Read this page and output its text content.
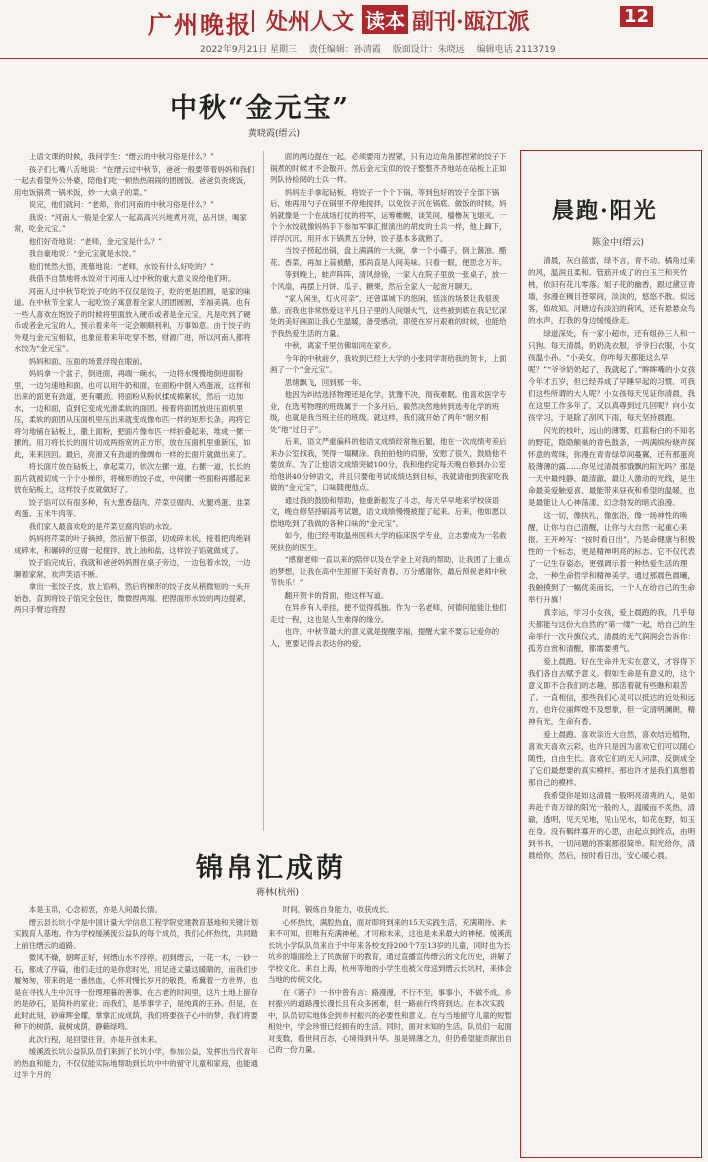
广州晚报 处州人文 读本 副刊·瓯江派	12
2022年9月21日 星期三 责任编辑：孙清霞 版面设计：朱晓远 编辑电话 2113719
中秋“金元宝”
黄晓霞(缙云)

上语文课的时候，我问学生：“缙云的中秋习俗是什么？”

孩子们七嘴八舌地说：“在缙云过中秋节，爸爸一般要带着妈妈和我们一起去看望外公外婆，陪他们吃一顿热热闹闹的团圆饭。爸爸负责烧饭，用电饭锅煮一锅米饭，炒一大桌子的菜。”

说完，他们就问：“老师，你们河南的中秋习俗是什么？”

我说：“河南人一般是全家人一起高高兴兴地煮月亮，品月饼，喝家常，吃金元宝。”

他们好奇地说：“老师，金元宝是什么？”

我自豪地说：“金元宝就是水饺。”

他们恍然大悟，羡慕地说：“老师，水饺有什么好吃的？”

我借不自禁地将水饺对于河南人过中秋的重大意义说给他们听。

河南人过中秋节吃饺子吃的不仅仅是饺子，吃的更是团圆，是家的味道。在中秋节全家人一起吃饺子寓意着全家人团团圆圆，幸福美满。也有一些人喜欢在饱饺子的时候将里面放入硬币或者是金元宝，凡是吃到了硬币或者金元宝的人，预示着来年一定会顺顺利利，万事如意。由于饺子的外观与金元宝相似，也象征着来年吃穿不愁，财源广进，所以河南人都将水饺为“金元宝”。

妈妈和面、压面的场景浮现在眼前。

妈妈拿一个盆子，倒进面，再端一碗水，一边将水慢慢地倒进面粉里，一边匀速地和面。也可以用牛奶和面，在面粉中倒入鸡蛋液，这样和出来的面更有劲道，更有嚼劲。将面粉从粉状揉成棉絮状，然后一边加水，一边和面，直到它变成光滑柔软的面团。接着将面团放进压面机里压，柔软的面团从压面机里压出来就变成像布匹一样的矩形长条，再将它将匀地铺在砧板上，撒上面粉，把面片像布匹一样折叠起来，堆成一摞一摞的。用刀将长长的面片切成两指宽的正方形，放在压面机里重新压，如此，来来回回。最后，亮滑又有劲道的像绸布一样的长面片就做出来了。

将长面片放在砧板上，拿起菜刀，依次左摞一道，右摞一道，长长的面片就被切成一个个小梯形，将梯形的饺子皮，中间摞一些面粉再撂起来放在砧板上，这样饺子皮就做好了。

饺子馅可以有很多种，有大葱香菇肉、芹菜豆腐肉、火腿鸡蛋、韭菜鸡蛋、玉米牛肉等。

我们家人最喜欢吃的是芹菜豆腐肉馅的水饺。

妈妈将芹菜的叶子摘掉，然后留下根部，切成碎末状，接着把肉绝剁成碎末，和碾碎的豆腐一起搅拌，放上油和盐，这样饺子馅就做成了。

饺子馅完成后，我就和爸爸妈妈围在桌子旁边，一边包着水饺，一边聊着家常，欢声笑语不断。

拿出一张饺子皮，放上馅料，然后将梯形的饺子皮从稍微短的一头开始卷，直到将饺子馅完全包住，微微捏两端。把捏面形水饺的两边提紧，两只手臂边将捏

面的两边提在一起，必须要用力捏紧，只有边边角角都捏紧的饺子下锅煮的时候才不会散开。然后金元宝似的饺子整整齐齐地站在砧板上正如列队待检阅的士兵一样。

妈妈左手拿起砧板，将饺子一个个下锅，等到包好的饺子全部下锅后，她再用勺子在锅里不停地搅拌，以免饺子沉在锅底。做饭的时候，妈妈就像是一个在战场打仗的将军，运筹帷幄，谈笑间，樯橹灰飞烟灭。一个个水饺就像妈妈手下参加军事汇报演出的胡皮的士兵一样，他上蹿下，浮浮沉沉。用开水下锅煮五分钟，饺子基本多就熟了。

当饺子捞起出锅，盘上满满的一大碗，拿一个小碟子，倒上酱油、醋花、香菜，再加上蒜被醋，那尚直是人间美味。只看一眼，便思念万年。

等到晚上，蛙声阵阵，清风徐徐，一家人在院子里放一张桌子，放一个风扇，再摆上月饼、瓜子、糖果，然后全家人一起赏月聊天。

“家人闲坐，灯火可亲”，还曾谋城下的悠闲、恬淡的场景让我很羡慕。而我也非常热爱这平凡日子里的人间烟火气，这些被到底在我记忆深处的美好画面让我心生温暖，备受感动，即使在岁月艰难的时候，也能给予我热爱生活的力量。

中秋，离家千里仿佛如同在家乡。

今年的中秋前夕，我收到已经上大学的小张同学寄给我的贺卡，上面画了一个“金元宝”。

思绪飘飞，回到那一年。

他因为纠结选择物理还是化学，犹豫不决，彻夜难眠。他喜欢医学专业，在选考物理的班级属于一个多月后，毅然决然地转到选考化学的班级，也就是我当班主任的班级。就这样，我们就开始了两年“朝夕相处”地“过日子”。

后来，语文严重偏科的他语文成绩经常拖后腿，他在一次成绩考差后来办公室找我，哭得一塌糊涂。我拍拍他的肩膀，安慰了很久，鼓励他不要放弃。为了让他语文成绩突破100分，我和他约定每天晚自修到办公室给他讲40分钟语文，并且只要他考试成绩达到目标，我就请他到我家吃我做的“金元宝”，口味随便他点。

通过我的鼓励和帮助，他重新振发了斗志，每天早早地来学校读语文，晚自修坚持刷高考试题，语文成绩慢慢被提了起来。后来，他如愿以偿地吃到了我做的各种口味的“金元宝”。

如今，他已经考取温州医科大学的临床医学专业，立志要成为一名救死扶伤的医生。

“感谢老师一直以来的陪伴以及在学业上对我的帮助，让我团了上重点的梦想，让我在高中生涯留下美好青春。万分感谢你，最后预祝老师中秋节快乐！”

翻开贺卡的背面，他这样写道。

在异乡有人牵挂，便不觉得孤独。作为一名老师，何德何能能让他们走过一程，这也是人生难得的缘分。

也许，中秋节最大的意义就是提醒幸福，提醒大家不要忘记爱你的人，更要记得去表达你的爱。

锦帛汇成荫
蒋林(杭州)

本是玉帛，心念初衷，亦是人间最长情。

缙云县长坑小学是中国计量大学信息工程学院党建教育基地和关键计划实践育人基地。作为学校缓溪流公益队的每个成员，我们心怀热忱，共同踏上前往缙云的道路。

微风不燥，朝晖正好，何缙山水不浮停。初到缙云，一花一木，一砂一石，都成了序篇，他们走过的是你您时光，用足迹丈量这暖睛的，而我们步履匆匆，带来的是一番热血，心怀对慢长岁月的敬畏，希冀着一方世界，也是在寻找人生中沉寻一份理理暮的善事。在古老的时间里，这片土地上留存的是砂石，是简朴的家业；而我们，是举事学子，是纯真的王孙。但是，在此时此刻，砂麻辉金耀，掌掌汇成成荫，我们将要孩子心中的梦，我们将要种下的树荫，裁树成荫，静籁绿鸣。

此次行程，是回望往昔，亦是开创未来。

缓溪流长坑公益队队员们来到了长坑小学，参加公益，发挥出当代青年的热血和能力，不仅仅能实际地帮助到长坑中中的留守儿童和家庭，也能通过半个月的

时间，锻炼自身能力，收获成长。

心怀热忱，满腔热血，面对即将到来的15天实践生活，充满期待。未来不可知，但唯有充满神秘，才可称未来，这也是未来最大的神秘。缓溪流长坑小学队队员来自于中年来各校支持200个7至13岁的儿童，同时也为长坑乡的墙面绘上了民族留下的教育，通过直播宣传缙云的文化历史，讲解了学校文化。来自上海，杭州等地的小学生也被父母送到缙云长坑村，来体会当地的传统文化。

在《箸子》一书中曾有言：路漫漫，不行不至，事事小，不做不成。乡村振兴的道路漫长漫长且有众多困难，但一路前行终将到达。在本次实践中，队员切实地体会到乡村振兴的必要性和意义。在与当地留守儿童的短暂相处中，学会珍惜已经拥有的生活。同时，面对未知的生活，队员们一起面对变数，看世间百态，心境得到升华。虽是锦薄之力，但仍希望能贡献出自己的一份力量。

晨跑·阳光
陈金中(缙云)

清晨，灰白蓝雷，绿不言，青不动。橘角过来的风，温润且柔和。管筋开成了的白玉兰和夹竹桃，依旧有花儿零落。姐子花的幽香，跟过黛豆青墙，弥漫在稠目苍翠间，淡淡的，悠悠不散。似远客，如故知。河塘边有淡泊的荷风，还有悬悬众鸟的水声，打我的身边缓缓徐走。

绿道深处，有一家小超市，还有组孙三人和一只狗。每天清晨，奶奶洗衣服，爷爷扫衣服，小女孩温小孙。“小美女，你咋每天都能这么早呢？”“爷爷奶奶起了，我就起了。”眸眸嘴的小女孩今年才五岁，但已经养成了早睡早起的习惯。可我们这些所谓的大人呢？小女孩每天见证你清晨，我在这里工作多年了，又以真尊到过几回呢？向小女孩学习，于是除了刮风下雨，每天坚持晨跑。

闪光的枝叶，远山的薄雾，红蓝粉白的不知名的野花，隐隐额巢的青色鼓条，一两满缤纷晓声探怀意的莺珠，弥漫在青青绿草间蔓翼，还有那蛋亮般薄薄的露……你见过清晨那饿飘的阳光吗？那是一天中最纯静、最清澈、最让人激动的光线，是生命最美爱触爱喜、最能带来昼夜和希望的温暖，也是最能让人心神荡漾、幻念勃发的暗式浪漫。

这一切，像执礼，像旅浴，像一场神性的唤醒，让你与自己清醒，让你与大自然一起重心来报。王开岭写：“按时看日出”，乃是命健康与积极性的一个标志，更是精神明亮的标志。它不仅代表了一记生存姿态，更强调示着一种热爱生活的理念，一种生命哲学和精神美学。通过那晨色晨曦，我触摸到了一幅优美而长，一个人在给自己的生命举行升旗！

真幸运，学习小女孩，爱上晨跑的我，几乎每天都能与这份大自然的“第一缕”一起，给自己的生命举行一次升旗仪式。清晨的无气润润会告诉你：孤芳自赏和清醒，都需要勇气。

爱上晨跑。好在生命并无实在意义，才容得下我们各自去赋予意义。假如生命是有意义的，这个意义即不合我们的志趣，那活着就有些瞧和艰苦了。一直相信，那些我们心灵可以抵达的近处和远方，也许位丽辉煌不及想象，但一定清明澜朗，精神有光，生命有香。

爱上晨跑。喜欢亲近大自然，喜欢结近植物，喜欢天喜欢云彩，也许只是因为喜欢它们可以随心随性，自由生长。喜欢它们的无人问津，反倒成全了它们最想要的真实模样。那也许才是我们真想着那自己的模样。

我希望你是如这清晨一般明亮清爽的人，是如奔赴千青万绿的阳光一般的人，温暖而不炙热，清澈，透明，见天见地，见山见水，如花在野，如玉在身。没有羁绊寡开的心思，由起点到终点，由明到书书，一切问题的答案都很简单。阳光给你，清晨给你，然后，按时看日出，安心暖心晨。
